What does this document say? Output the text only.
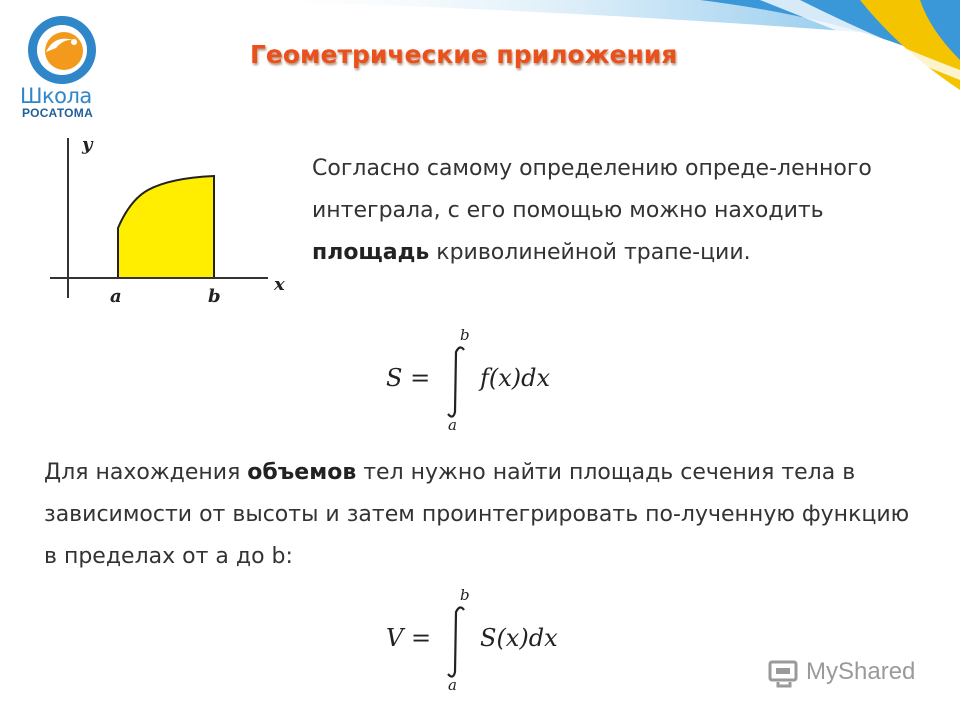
Школа
РОСАТОМА
Геометрические приложения
y
x
a	b
Согласно самому определению опреде-ленного интеграла, с его помощью можно находить площадь криволинейной трапе-ции.
b
S = f(x)dx
a
Для нахождения объемов тел нужно найти площадь сечения тела в зависимости от высоты и затем проинтегрировать по-лученную функцию в пределах от а до b:
b
V = S(x)dx
a	MyShared
